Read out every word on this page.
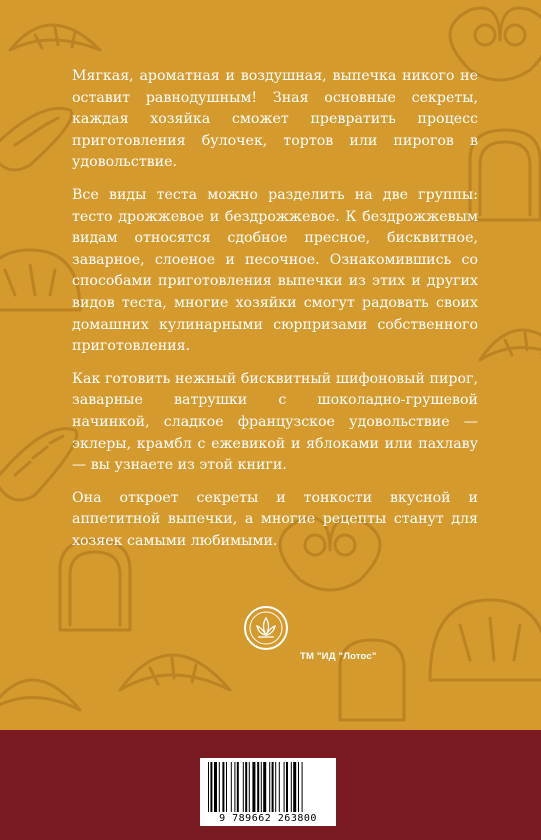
Мягкая, ароматная и воздушная, выпечка никого не оставит равнодушным! Зная основные секреты, каждая хозяйка сможет превратить процесс приготовления булочек, тортов или пирогов в удовольствие.

Все виды теста можно разделить на две группы: тесто дрожжевое и бездрожжевое. К бездрожжевым видам относятся сдобное пресное, бисквитное, заварное, слоеное и песочное. Ознакомившись со способами приготовления выпечки из этих и других видов теста, многие хозяйки смогут радовать своих домашних кулинарными сюрпризами собственного приготовления.

Как готовить нежный бисквитный шифоновый пирог, заварные ватрушки с шоколадно-грушевой начинкой, сладкое французское удовольствие — эклеры, крамбл с ежевикой и яблоками или пахлаву — вы узнаете из этой книги.

Она откроет секреты и тонкости вкусной и аппетитной выпечки, а многие рецепты станут для хозяек самыми любимыми.

ТМ "ИД "Лотос"
9 789662 263800
